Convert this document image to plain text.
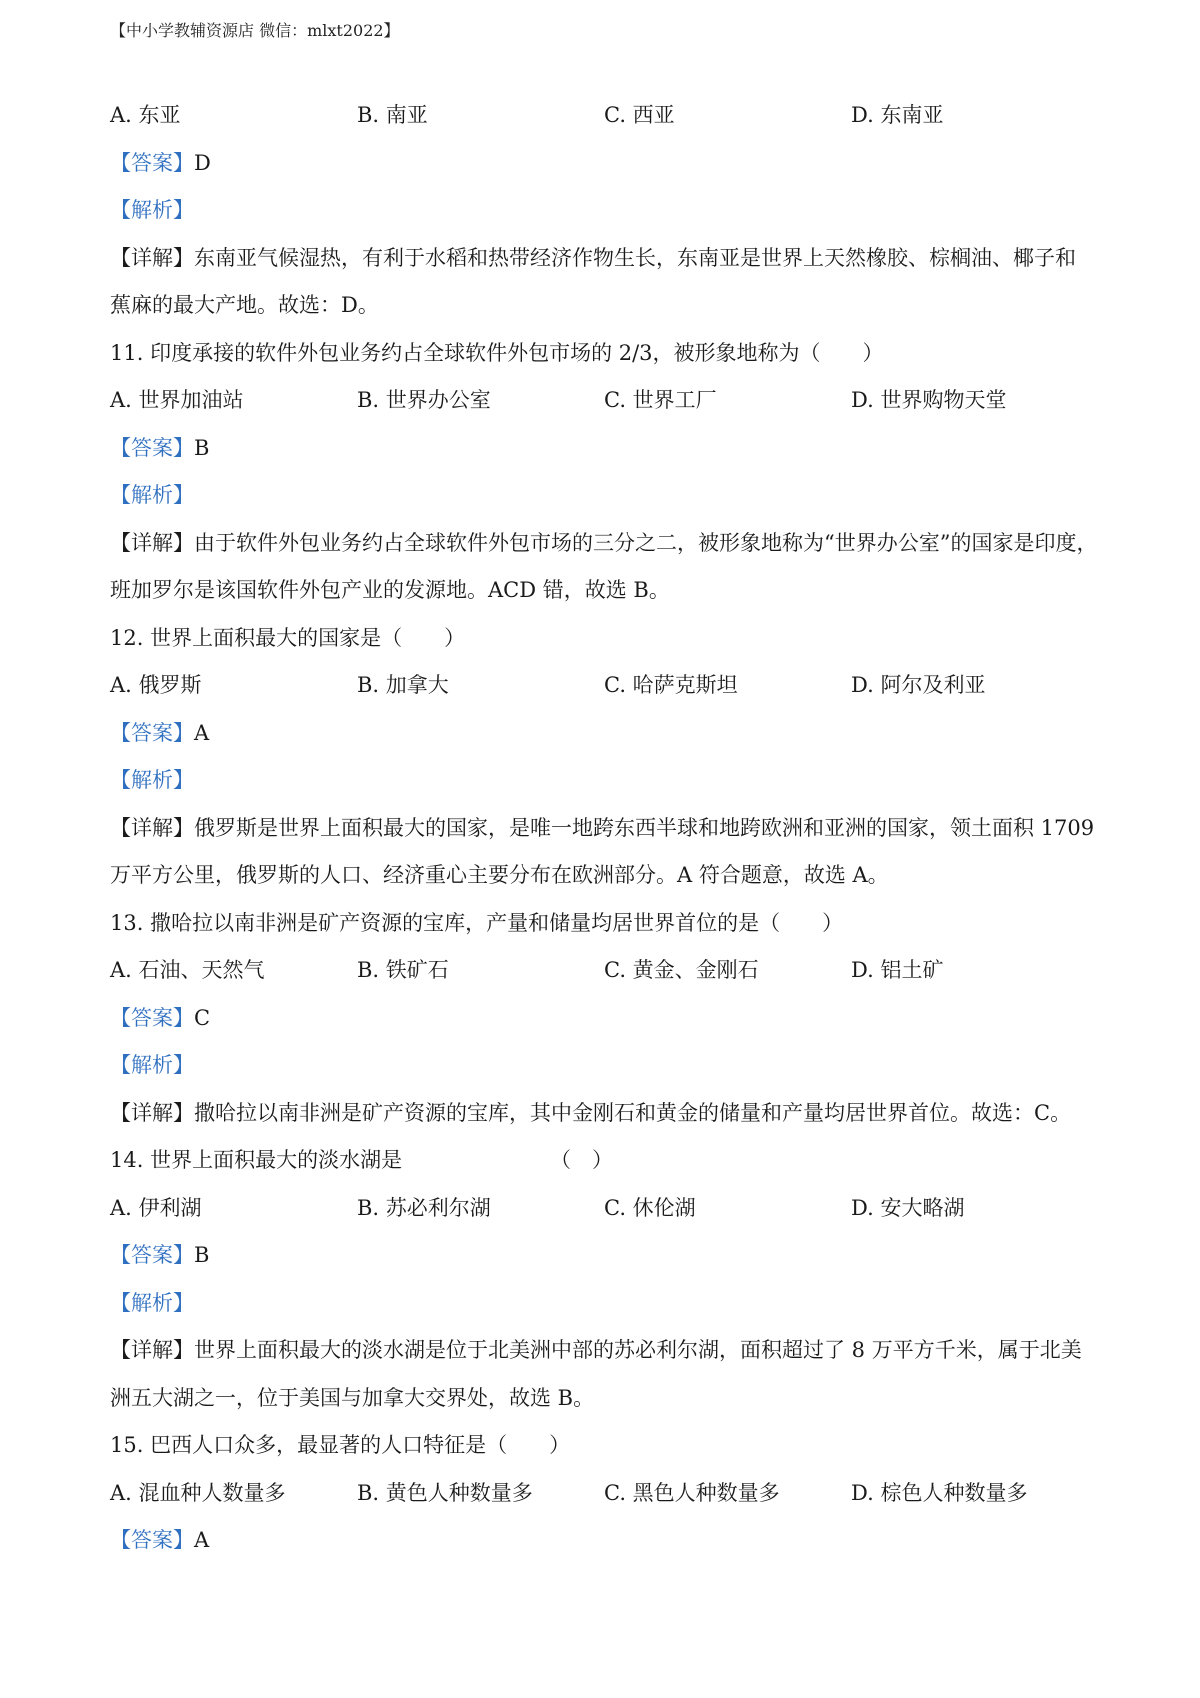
【中小学教辅资源店 微信：mlxt2022】
A. 东亚	B. 南亚	C. 西亚	D. 东南亚
【答案】D
【解析】
【详解】东南亚气候湿热，有利于水稻和热带经济作物生长，东南亚是世界上天然橡胶、棕榈油、椰子和
蕉麻的最大产地。故选：D。
11. 印度承接的软件外包业务约占全球软件外包市场的 2/3，被形象地称为（　　）
A. 世界加油站	B. 世界办公室	C. 世界工厂	D. 世界购物天堂
【答案】B
【解析】
【详解】由于软件外包业务约占全球软件外包市场的三分之二，被形象地称为“世界办公室”的国家是印度，
班加罗尔是该国软件外包产业的发源地。ACD 错，故选 B。
12. 世界上面积最大的国家是（　　）
A. 俄罗斯	B. 加拿大	C. 哈萨克斯坦	D. 阿尔及利亚
【答案】A
【解析】
【详解】俄罗斯是世界上面积最大的国家，是唯一地跨东西半球和地跨欧洲和亚洲的国家，领土面积 1709
万平方公里，俄罗斯的人口、经济重心主要分布在欧洲部分。A 符合题意，故选 A。
13. 撒哈拉以南非洲是矿产资源的宝库，产量和储量均居世界首位的是（　　）
A. 石油、天然气	B. 铁矿石	C. 黄金、金刚石	D. 铝土矿
【答案】C
【解析】
【详解】撒哈拉以南非洲是矿产资源的宝库，其中金刚石和黄金的储量和产量均居世界首位。故选：C。
14. 世界上面积最大的淡水湖是	（　）
A. 伊利湖	B. 苏必利尔湖	C. 休伦湖	D. 安大略湖
【答案】B
【解析】
【详解】世界上面积最大的淡水湖是位于北美洲中部的苏必利尔湖，面积超过了 8 万平方千米，属于北美
洲五大湖之一，位于美国与加拿大交界处，故选 B。
15. 巴西人口众多，最显著的人口特征是（　　）
A. 混血种人数量多	B. 黄色人种数量多	C. 黑色人种数量多	D. 棕色人种数量多
【答案】A
